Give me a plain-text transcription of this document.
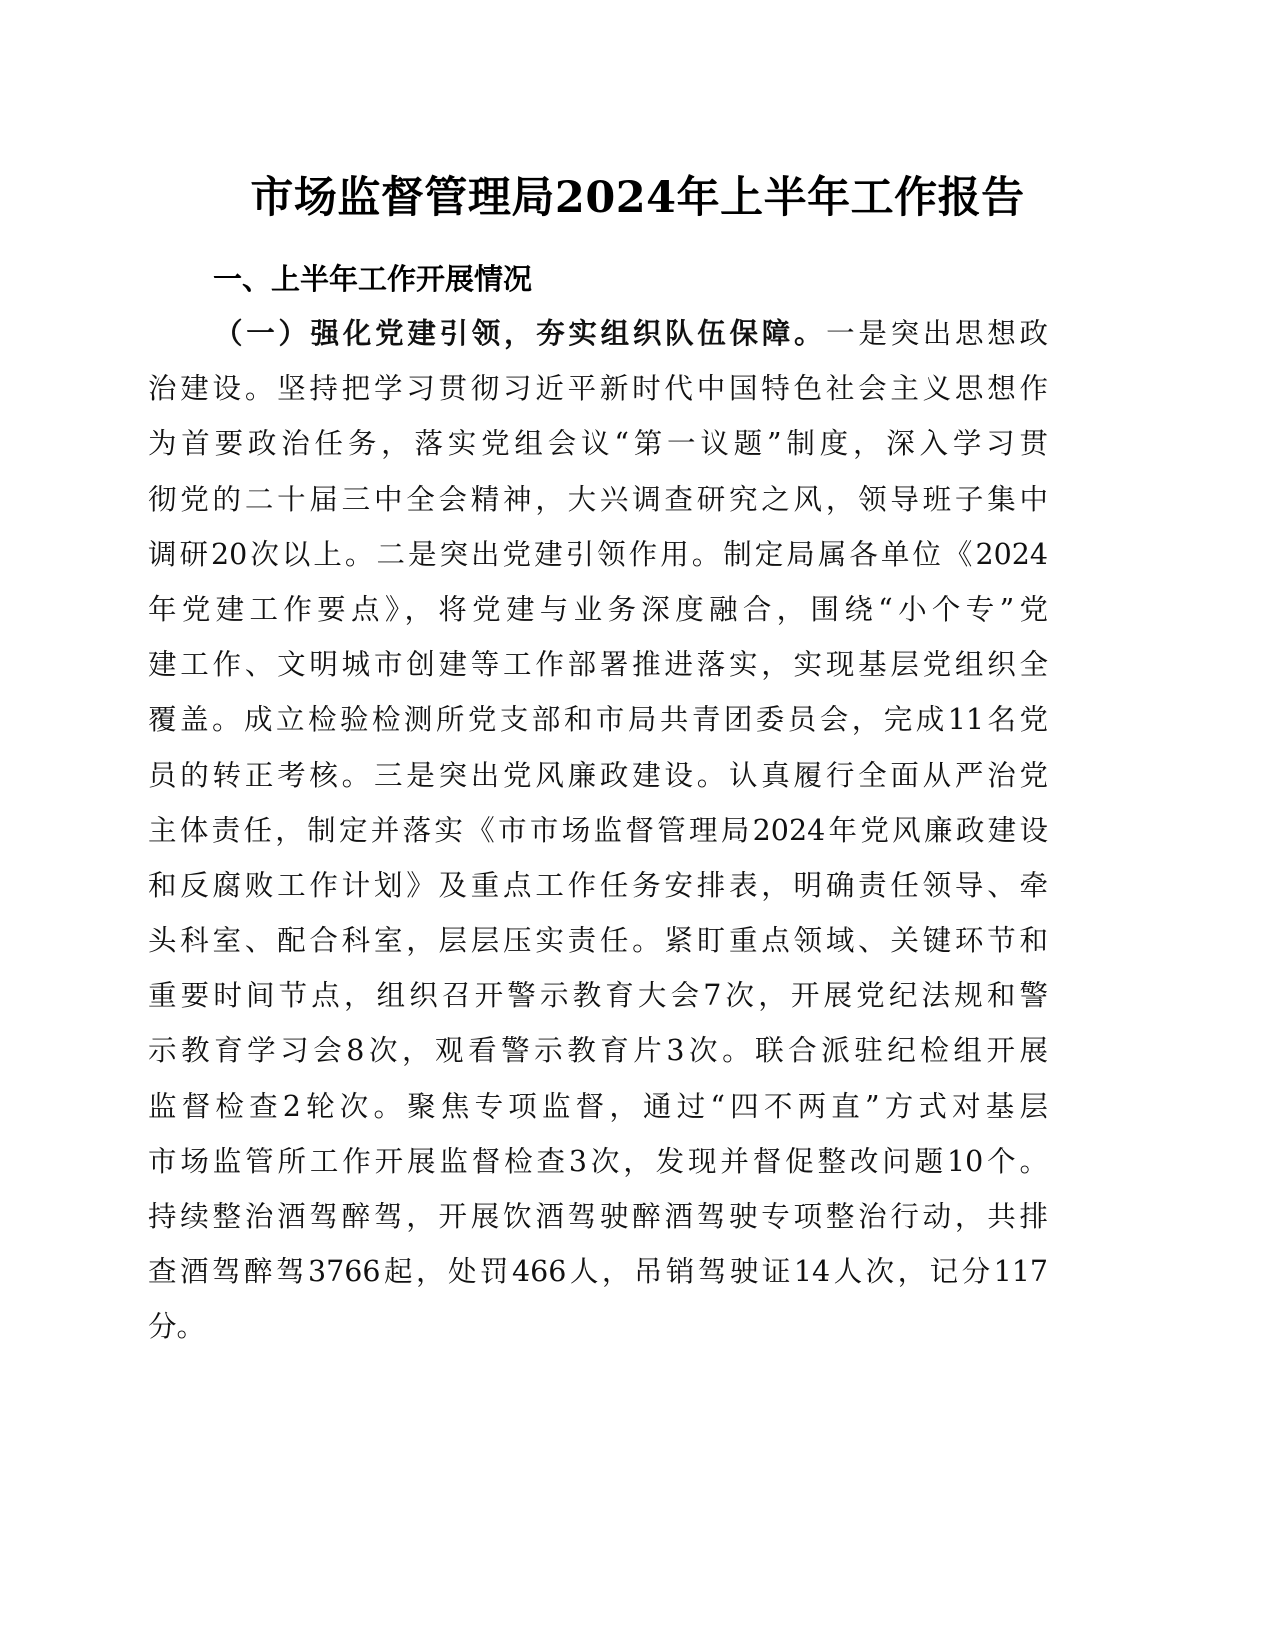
市场监督管理局2024年上半年工作报告
一、上半年工作开展情况
（一）强化党建引领，夯实组织队伍保障。一是突出思想政
治建设。坚持把学习贯彻习近平新时代中国特色社会主义思想作
为首要政治任务，落实党组会议“第一议题”制度，深入学习贯
彻党的二十届三中全会精神，大兴调查研究之风，领导班子集中
调研20次以上。二是突出党建引领作用。制定局属各单位《2024
年党建工作要点》，将党建与业务深度融合，围绕“小个专”党
建工作、文明城市创建等工作部署推进落实，实现基层党组织全
覆盖。成立检验检测所党支部和市局共青团委员会，完成11名党
员的转正考核。三是突出党风廉政建设。认真履行全面从严治党
主体责任，制定并落实《市市场监督管理局2024年党风廉政建设
和反腐败工作计划》及重点工作任务安排表，明确责任领导、牵
头科室、配合科室，层层压实责任。紧盯重点领域、关键环节和
重要时间节点，组织召开警示教育大会7次，开展党纪法规和警
示教育学习会8次，观看警示教育片3次。联合派驻纪检组开展
监督检查2轮次。聚焦专项监督，通过“四不两直”方式对基层
市场监管所工作开展监督检查3次，发现并督促整改问题10个。
持续整治酒驾醉驾，开展饮酒驾驶醉酒驾驶专项整治行动，共排
查酒驾醉驾3766起，处罚466人，吊销驾驶证14人次，记分117
分。
